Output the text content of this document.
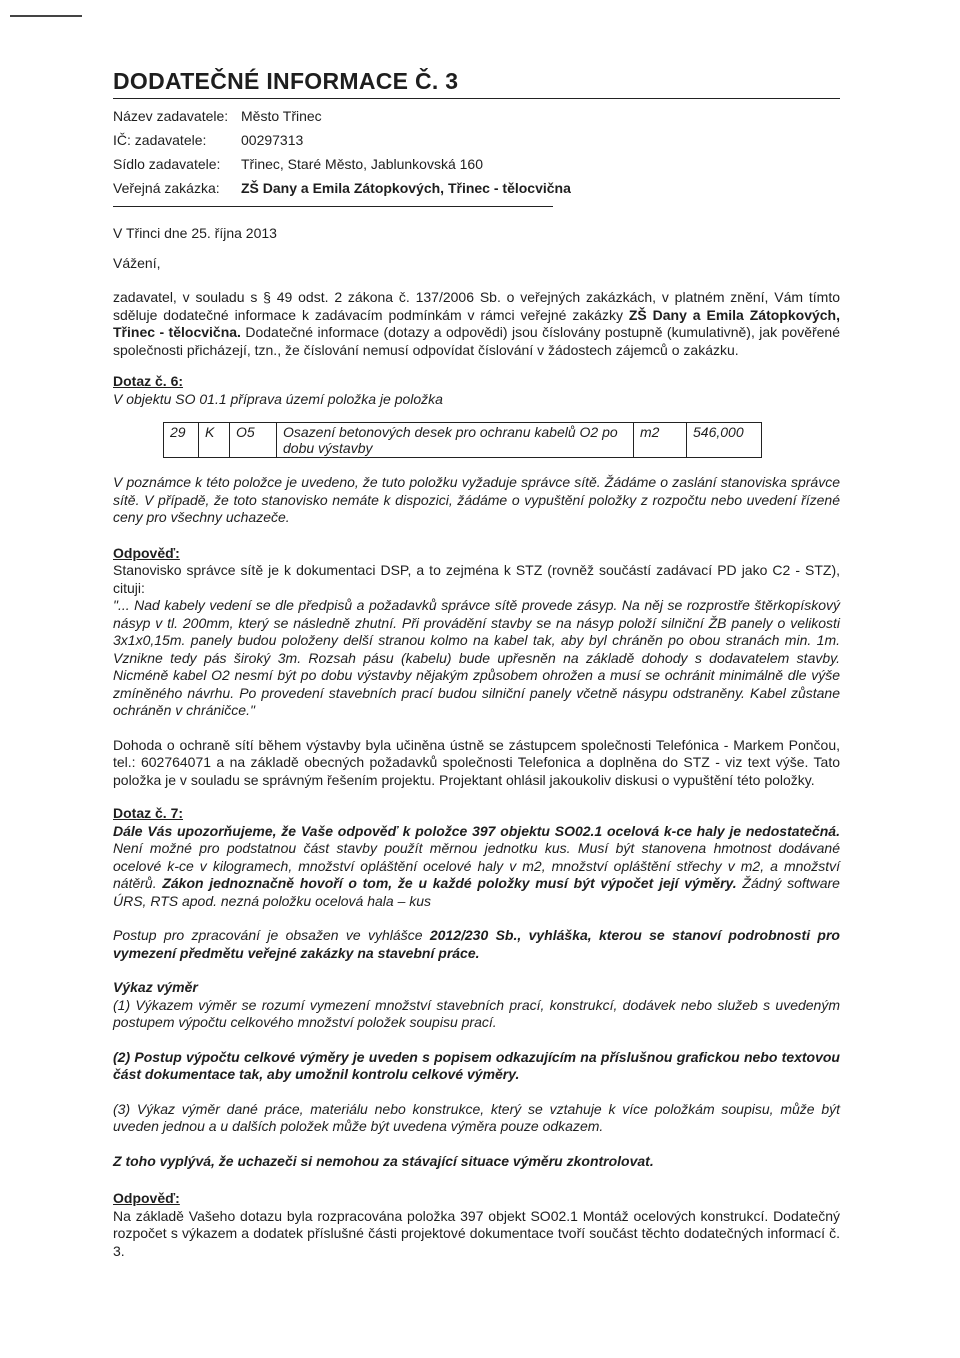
DODATEČNÉ INFORMACE Č. 3
Název zadavatele: Město Třinec
IČ: zadavatele:	00297313
Sídlo zadavatele:	Třinec, Staré Město, Jablunkovská 160
Veřejná zakázka:	ZŠ Dany a Emila Zátopkových, Třinec - tělocvična

V Třinci dne 25. října 2013

Vážení,

zadavatel, v souladu s § 49 odst. 2 zákona č. 137/2006 Sb. o veřejných zakázkách, v platném znění, Vám tímto sděluje dodatečné informace k zadávacím podmínkám v rámci veřejné zakázky ZŠ Dany a Emila Zátopkových, Třinec - tělocvična. Dodatečné informace (dotazy a odpovědi) jsou číslovány postupně (kumulativně), jak pověřené společnosti přicházejí, tzn., že číslování nemusí odpovídat číslování v žádostech zájemců o zakázku.

Dotaz č. 6:

V objektu SO 01.1 příprava území položka je položka

29	K	O5	Osazení betonových desek pro ochranu kabelů O2 po dobu výstavby	m2	546,000

V poznámce k této položce je uvedeno, že tuto položku vyžaduje správce sítě. Žádáme o zaslání stanoviska správce sítě. V případě, že toto stanovisko nemáte k dispozici, žádáme o vypuštění položky z rozpočtu nebo uvedení řízené ceny pro všechny uchazeče.

Odpověď:

Stanovisko správce sítě je k dokumentaci DSP, a to zejména k STZ (rovněž součástí zadávací PD jako C2 - STZ), cituji:

"... Nad kabely vedení se dle předpisů a požadavků správce sítě provede zásyp. Na něj se rozprostře štěrkopískový násyp v tl. 200mm, který se následně zhutní. Při provádění stavby se na násyp položí silniční ŽB panely o velikosti 3x1x0,15m. panely budou položeny delší stranou kolmo na kabel tak, aby byl chráněn po obou stranách min. 1m. Vznikne tedy pás široký 3m. Rozsah pásu (kabelu) bude upřesněn na základě dohody s dodavatelem stavby. Nicméně kabel O2 nesmí být po dobu výstavby nějakým způsobem ohrožen a musí se ochránit minimálně dle výše zmíněného návrhu. Po provedení stavebních prací budou silniční panely včetně násypu odstraněny. Kabel zůstane ochráněn v chráničce."

Dohoda o ochraně sítí během výstavby byla učiněna ústně se zástupcem společnosti Telefónica - Markem Pončou, tel.: 602764071 a na základě obecných požadavků společnosti Telefonica a doplněna do STZ - viz text výše. Tato položka je v souladu se správným řešením projektu. Projektant ohlásil jakoukoliv diskusi o vypuštění této položky.

Dotaz č. 7:

Dále Vás upozorňujeme, že Vaše odpověď k položce 397 objektu SO02.1 ocelová k-ce haly je nedostatečná. Není možné pro podstatnou část stavby použít měrnou jednotku kus. Musí být stanovena hmotnost dodávané ocelové k-ce v kilogramech, množství opláštění ocelové haly v m2, množství opláštění střechy v m2, a množství nátěrů. Zákon jednoznačně hovoří o tom, že u každé položky musí být výpočet její výměry. Žádný software ÚRS, RTS apod. nezná položku ocelová hala – kus

Postup pro zpracování je obsažen ve vyhlášce 2012/230 Sb., vyhláška, kterou se stanoví podrobnosti pro vymezení předmětu veřejné zakázky na stavební práce.

Výkaz výměr

(1) Výkazem výměr se rozumí vymezení množství stavebních prací, konstrukcí, dodávek nebo služeb s uvedeným postupem výpočtu celkového množství položek soupisu prací.

(2) Postup výpočtu celkové výměry je uveden s popisem odkazujícím na příslušnou grafickou nebo textovou část dokumentace tak, aby umožnil kontrolu celkové výměry.

(3) Výkaz výměr dané práce, materiálu nebo konstrukce, který se vztahuje k více položkám soupisu, může být uveden jednou a u dalších položek může být uvedena výměra pouze odkazem.

Z toho vyplývá, že uchazeči si nemohou za stávající situace výměru zkontrolovat.

Odpověď:

Na základě Vašeho dotazu byla rozpracována položka 397 objekt SO02.1 Montáž ocelových konstrukcí. Dodatečný rozpočet s výkazem a dodatek příslušné části projektové dokumentace tvoří součást těchto dodatečných informací č. 3.
